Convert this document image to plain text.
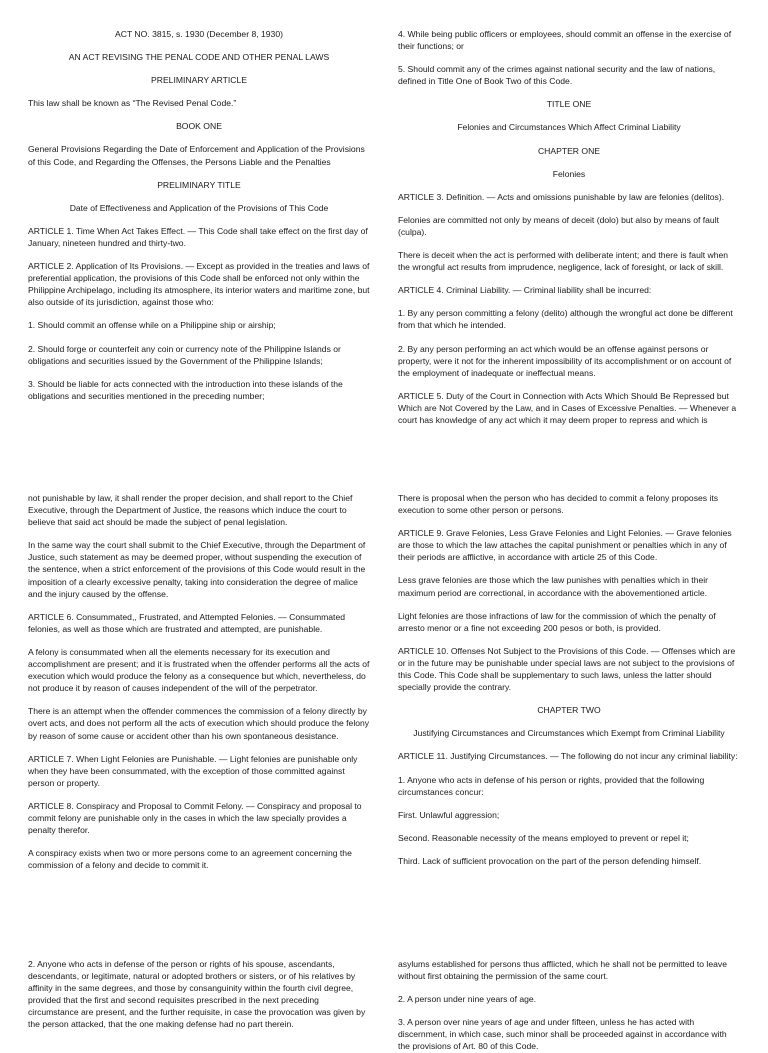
ACT NO. 3815, s. 1930 (December 8, 1930)

AN ACT REVISING THE PENAL CODE AND OTHER PENAL LAWS

PRELIMINARY ARTICLE

This law shall be known as “The Revised Penal Code.”

BOOK ONE

General Provisions Regarding the Date of Enforcement and Application of the Provisions of this Code, and Regarding the Offenses, the Persons Liable and the Penalties

PRELIMINARY TITLE

Date of Effectiveness and Application of the Provisions of This Code

ARTICLE 1. Time When Act Takes Effect. — This Code shall take effect on the first day of January, nineteen hundred and thirty-two.

ARTICLE 2. Application of Its Provisions. — Except as provided in the treaties and laws of preferential application, the provisions of this Code shall be enforced not only within the Philippine Archipelago, including its atmosphere, its interior waters and maritime zone, but also outside of its jurisdiction, against those who:

1. Should commit an offense while on a Philippine ship or airship;

2. Should forge or counterfeit any coin or currency note of the Philippine Islands or obligations and securities issued by the Government of the Philippine Islands;

3. Should be liable for acts connected with the introduction into these islands of the obligations and securities mentioned in the preceding number;

4. While being public officers or employees, should commit an offense in the exercise of their functions; or

5. Should commit any of the crimes against national security and the law of nations, defined in Title One of Book Two of this Code.

TITLE ONE

Felonies and Circumstances Which Affect Criminal Liability

CHAPTER ONE

Felonies

ARTICLE 3. Definition. — Acts and omissions punishable by law are felonies (delitos).

Felonies are committed not only by means of deceit (dolo) but also by means of fault (culpa).

There is deceit when the act is performed with deliberate intent; and there is fault when the wrongful act results from imprudence, negligence, lack of foresight, or lack of skill.

ARTICLE 4. Criminal Liability. — Criminal liability shall be incurred:

1. By any person committing a felony (delito) although the wrongful act done be different from that which he intended.

2. By any person performing an act which would be an offense against persons or property, were it not for the inherent impossibility of its accomplishment or on account of the employment of inadequate or ineffectual means.

ARTICLE 5. Duty of the Court in Connection with Acts Which Should Be Repressed but Which are Not Covered by the Law, and in Cases of Excessive Penalties. — Whenever a court has knowledge of any act which it may deem proper to repress and which is

not punishable by law, it shall render the proper decision, and shall report to the Chief Executive, through the Department of Justice, the reasons which induce the court to believe that said act should be made the subject of penal legislation.

In the same way the court shall submit to the Chief Executive, through the Department of Justice, such statement as may be deemed proper, without suspending the execution of the sentence, when a strict enforcement of the provisions of this Code would result in the imposition of a clearly excessive penalty, taking into consideration the degree of malice and the injury caused by the offense.

ARTICLE 6. Consummated,, Frustrated, and Attempted Felonies. — Consummated felonies, as well as those which are frustrated and attempted, are punishable.

A felony is consummated when all the elements necessary for its execution and accomplishment are present; and it is frustrated when the offender performs all the acts of execution which would produce the felony as a consequence but which, nevertheless, do not produce it by reason of causes independent of the will of the perpetrator.

There is an attempt when the offender commences the commission of a felony directly by overt acts, and does not perform all the acts of execution which should produce the felony by reason of some cause or accident other than his own spontaneous desistance.

ARTICLE 7. When Light Felonies are Punishable. — Light felonies are punishable only when they have been consummated, with the exception of those committed against person or property.

ARTICLE 8. Conspiracy and Proposal to Commit Felony. — Conspiracy and proposal to commit felony are punishable only in the cases in which the law specially provides a penalty therefor.

A conspiracy exists when two or more persons come to an agreement concerning the commission of a felony and decide to commit it.

There is proposal when the person who has decided to commit a felony proposes its execution to some other person or persons.

ARTICLE 9. Grave Felonies, Less Grave Felonies and Light Felonies. — Grave felonies are those to which the law attaches the capital punishment or penalties which in any of their periods are afflictive, in accordance with article 25 of this Code.

Less grave felonies are those which the law punishes with penalties which in their maximum period are correctional, in accordance with the abovementioned article.

Light felonies are those infractions of law for the commission of which the penalty of arresto menor or a fine not exceeding 200 pesos or both, is provided.

ARTICLE 10. Offenses Not Subject to the Provisions of this Code. — Offenses which are or in the future may be punishable under special laws are not subject to the provisions of this Code. This Code shall be supplementary to such laws, unless the latter should specially provide the contrary.

CHAPTER TWO

Justifying Circumstances and Circumstances which Exempt from Criminal Liability

ARTICLE 11. Justifying Circumstances. — The following do not incur any criminal liability:

1. Anyone who acts in defense of his person or rights, provided that the following circumstances concur:

First. Unlawful aggression;

Second. Reasonable necessity of the means employed to prevent or repel it;

Third. Lack of sufficient provocation on the part of the person defending himself.

2. Anyone who acts in defense of the person or rights of his spouse, ascendants, descendants, or legitimate, natural or adopted brothers or sisters, or of his relatives by affinity in the same degrees, and those by consanguinity within the fourth civil degree, provided that the first and second requisites prescribed in the next preceding circumstance are present, and the further requisite, in case the provocation was given by the person attacked, that the one making defense had no part therein.

asylums established for persons thus afflicted, which he shall not be permitted to leave without first obtaining the permission of the same court.

2. A person under nine years of age.

3. A person over nine years of age and under fifteen, unless he has acted with discernment, in which case, such minor shall be proceeded against in accordance with the provisions of Art. 80 of this Code.
